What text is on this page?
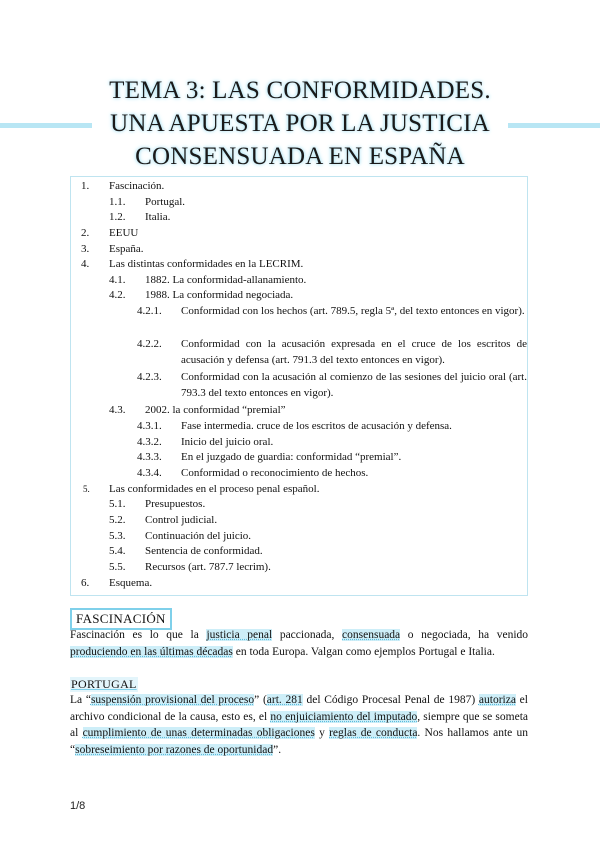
TEMA 3: LAS CONFORMIDADES.
UNA APUESTA POR LA JUSTICIA
CONSENSUADA EN ESPAÑA
1. Fascinación.
1.1. Portugal.
1.2. Italia.
2. EEUU
3. España.
4. Las distintas conformidades en la LECRIM.
4.1. 1882. La conformidad-allanamiento.
4.2. 1988. La conformidad negociada.
4.2.1. Conformidad con los hechos (art. 789.5, regla 5ª, del texto entonces en vigor).
4.2.2. Conformidad con la acusación expresada en el cruce de los escritos de acusación y defensa (art. 791.3 del texto entonces en vigor).
4.2.3. Conformidad con la acusación al comienzo de las sesiones del juicio oral (art. 793.3 del texto entonces en vigor).
4.3. 2002. la conformidad “premial”
4.3.1. Fase intermedia. cruce de los escritos de acusación y defensa.
4.3.2. Inicio del juicio oral.
4.3.3. En el juzgado de guardia: conformidad “premial”.
4.3.4. Conformidad o reconocimiento de hechos.
5. Las conformidades en el proceso penal español.
5.1. Presupuestos.
5.2. Control judicial.
5.3. Continuación del juicio.
5.4. Sentencia de conformidad.
5.5. Recursos (art. 787.7 lecrim).
6. Esquema.
FASCINACIÓN
Fascinación es lo que la justicia penal paccionada, consensuada o negociada, ha venido produciendo en las últimas décadas en toda Europa. Valgan como ejemplos Portugal e Italia.
PORTUGAL
La “suspensión provisional del proceso” (art. 281 del Código Procesal Penal de 1987) autoriza el archivo condicional de la causa, esto es, el no enjuiciamiento del imputado, siempre que se someta al cumplimiento de unas determinadas obligaciones y reglas de conducta. Nos hallamos ante un “sobreseimiento por razones de oportunidad”.
1/8
